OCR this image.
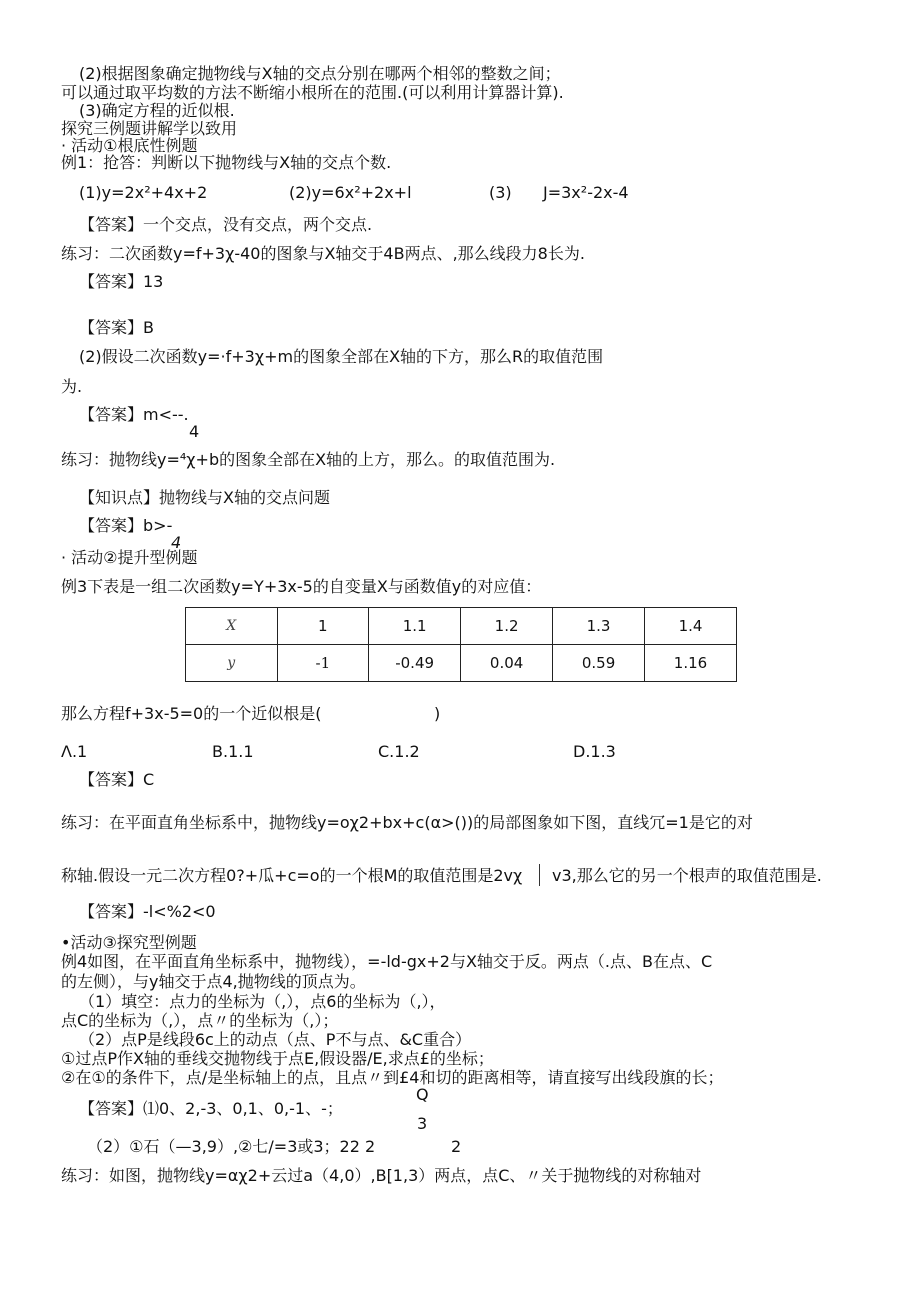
(2)根据图象确定抛物线与X轴的交点分别在哪两个相邻的整数之间；
可以通过取平均数的方法不断缩小根所在的范围.(可以利用计算器计算).
(3)确定方程的近似根.
探究三例题讲解学以致用
· 活动①根底性例题
例1：抢答：判断以下抛物线与X轴的交点个数.
(1)y=2x²+4x+2	(2)y=6x²+2x+l	(3) J=3x²-2x-4
【答案】一个交点，没有交点，两个交点.
练习：二次函数y=f+3χ-40的图象与X轴交于4B两点、,那么线段力8长为.
【答案】13
【答案】B
(2)假设二次函数y=·f+3χ+m的图象全部在X轴的下方，那么R的取值范围
为.
【答案】m<--.
4
练习：抛物线y=⁴χ+b的图象全部在X轴的上方，那么。的取值范围为.
【知识点】抛物线与X轴的交点问题
【答案】b>-
4
· 活动②提升型例题
例3下表是一组二次函数y=Y+3x-5的自变量X与函数值y的对应值：
X	1	1.1	1.2	1.3	1.4
y	-1	-0.49	0.04	0.59	1.16
那么方程f+3x-5=0的一个近似根是(	)
Λ.1	B.1.1	C.1.2	D.1.3
【答案】C
练习：在平面直角坐标系中，抛物线y=oχ2+bx+c(α>())的局部图象如下图，直线冗=1是它的对
称轴.假设一元二次方程0?+瓜+c=o的一个根M的取值范围是2vχ v3,那么它的另一个根声的取值范围是.
【答案】-l<%2<0
•活动③探究型例题
例4如图，在平面直角坐标系中，抛物线），=-ld-gx+2与X轴交于反。两点（.点、B在点、C
的左侧），与y轴交于点4,抛物线的顶点为。
（1）填空：点力的坐标为（,），点6的坐标为（,），
点C的坐标为（,），点〃的坐标为（,）；
（2）点P是线段6c上的动点（点、P不与点、&C重合）
①过点P作X轴的垂线交抛物线于点E,假设器/E,求点£的坐标；
②在①的条件下，点/是坐标轴上的点，且点〃到£4和切的距离相等，请直接写出线段旗的长；
Q
【答案】⑴0、2,-3、0,1、0,-1、-；
3
（2）①石（—3,9）,②七/=3或3；22 2	2
练习：如图，抛物线y=αχ2+云过a（4,0）,B[1,3）两点，点C、〃关于抛物线的对称轴对
